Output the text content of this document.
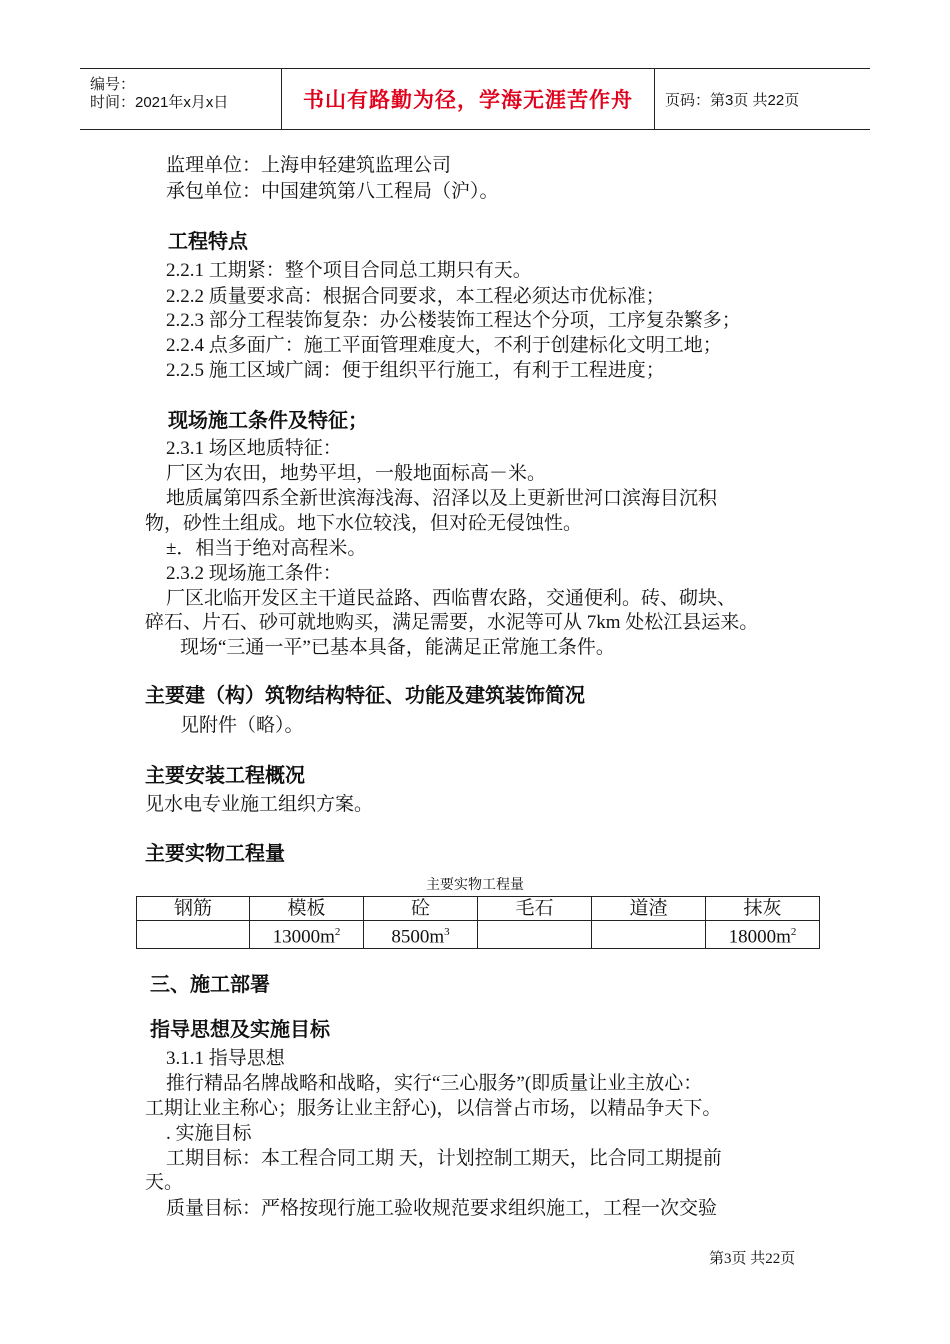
编号：
时间：2021年x月x日	书山有路勤为径，学海无涯苦作舟 页码：第3页 共22页
监理单位：上海申轻建筑监理公司
承包单位：中国建筑第八工程局（沪）。
工程特点
2.2.1 工期紧：整个项目合同总工期只有天。
2.2.2 质量要求高：根据合同要求，本工程必须达市优标准；
2.2.3 部分工程装饰复杂：办公楼装饰工程达个分项，工序复杂繁多；
2.2.4 点多面广：施工平面管理难度大，不利于创建标化文明工地；
2.2.5 施工区域广阔：便于组织平行施工，有利于工程进度；
现场施工条件及特征；
2.3.1 场区地质特征：
厂区为农田，地势平坦，一般地面标高－米。
地质属第四系全新世滨海浅海、沼泽以及上更新世河口滨海目沉积
物，砂性土组成。地下水位较浅，但对砼无侵蚀性。
±．相当于绝对高程米。
2.3.2 现场施工条件：
厂区北临开发区主干道民益路、西临曹农路，交通便利。砖、砌块、
碎石、片石、砂可就地购买，满足需要，水泥等可从 7km 处松江县运来。
现场“三通一平”已基本具备，能满足正常施工条件。
主要建（构）筑物结构特征、功能及建筑装饰简况
见附件（略）。
主要安装工程概况
见水电专业施工组织方案。
主要实物工程量
主要实物工程量
钢筋	模板	砼	毛石	道渣	抹灰
	$13000m^2$	$8500m^3$			$18000m^2$
三、施工部署
指导思想及实施目标
3.1.1 指导思想
推行精品名牌战略和战略，实行“三心服务”(即质量让业主放心：
工期让业主称心；服务让业主舒心)，以信誉占市场，以精品争天下。
. 实施目标
工期目标：本工程合同工期 天，计划控制工期天，比合同工期提前
天。
质量目标：严格按现行施工验收规范要求组织施工，工程一次交验
第3页 共22页
